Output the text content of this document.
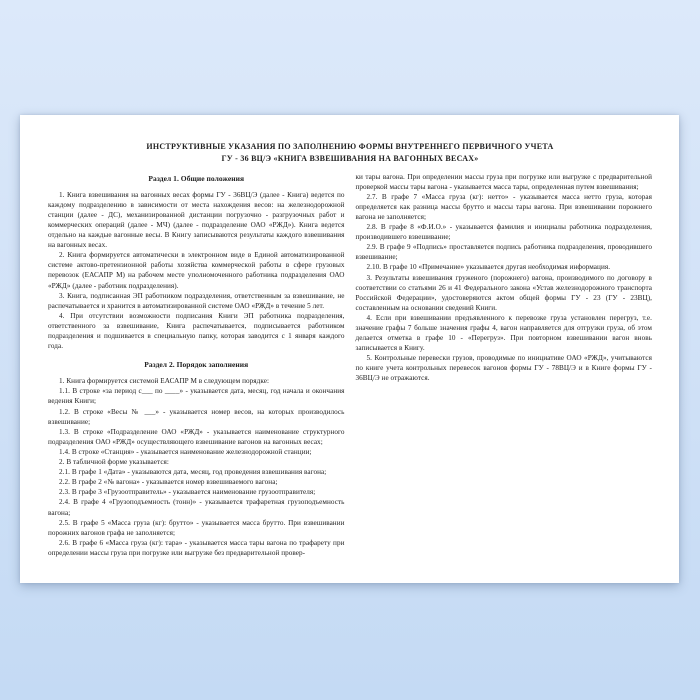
ИНСТРУКТИВНЫЕ УКАЗАНИЯ ПО ЗАПОЛНЕНИЮ ФОРМЫ ВНУТРЕННЕГО ПЕРВИЧНОГО УЧЕТА
ГУ - 36 ВЦ/Э «КНИГА ВЗВЕШИВАНИЯ НА ВАГОННЫХ ВЕСАХ»

Раздел 1. Общие положения

1. Книга взвешивания на вагонных весах формы ГУ - 36ВЦ/Э (далее - Книга) ведется по каждому подразделению в зависимости от места нахождения весов: на железнодорожной станции (далее - ДС), механизированной дистанции погрузочно - разгрузочных работ и коммерческих операций (далее - МЧ) (далее - подразделение ОАО «РЖД»). Книга ведется отдельно на каждые вагонные весы. В Книгу записываются результаты каждого взвешивания на вагонных весах.

2. Книга формируется автоматически в электронном виде в Единой автоматизированной системе актово-претензионной работы хозяйства коммерческой работы в сфере грузовых перевозок (ЕАСАПР М) на рабочем месте уполномоченного работника подразделения ОАО «РЖД» (далее - работник подразделения).

3. Книга, подписанная ЭП работником подразделения, ответственным за взвешивание, не распечатывается и хранится в автоматизированной системе ОАО «РЖД» в течение 5 лет.

4. При отсутствии возможности подписания Книги ЭП работника подразделения, ответственного за взвешивание, Книга распечатывается, подписывается работником подразделения и подшивается в специальную папку, которая заводится с 1 января каждого года.

Раздел 2. Порядок заполнения

1. Книга формируется системой ЕАСАПР М в следующем порядке:

1.1. В строке «за период с___ по ____» - указывается дата, месяц, год начала и окончания ведения Книги;

1.2. В строке «Весы № ___» - указывается номер весов, на которых производилось взвешивание;

1.3. В строке «Подразделение ОАО «РЖД» - указывается наименование структурного подразделения ОАО «РЖД» осуществляющего взвешивание вагонов на вагонных весах;

1.4. В строке «Станция» - указывается наименование железнодорожной станции;

2. В табличной форме указывается:

2.1. В графе 1 «Дата» - указываются дата, месяц, год проведения взвешивания вагона;

2.2. В графе 2 «№ вагона» - указывается номер взвешиваемого вагона;

2.3. В графе 3 «Грузоотправитель» - указывается наименование грузоотправителя;

2.4. В графе 4 «Грузоподъемность (тонн)» - указывается трафаретная грузоподъемность вагона;

2.5. В графе 5 «Масса груза (кг): брутто» - указывается масса брутто. При взвешивании порожних вагонов графа не заполняется;

2.6. В графе 6 «Масса груза (кг): тара» - указывается масса тары вагона по трафарету при определении массы груза при погрузке или выгрузке без предварительной провер-

ки тары вагона. При определении массы груза при погрузке или выгрузке с предварительной проверкой массы тары вагона - указывается масса тары, определенная путем взвешивания;

2.7. В графе 7 «Масса груза (кг): нетто» - указывается масса нетто груза, которая определяется как разница массы брутто и массы тары вагона. При взвешивании порожнего вагона не заполняется;

2.8. В графе 8 «Ф.И.О.» - указывается фамилия и инициалы работника подразделения, производившего взвешивание;

2.9. В графе 9 «Подпись» проставляется подпись работника подразделения, проводившего взвешивание;

2.10. В графе 10 «Примечание» указывается другая необходимая информация.

3. Результаты взвешивания груженого (порожнего) вагона, производимого по договору в соответствии со статьями 26 и 41 Федерального закона «Устав железнодорожного транспорта Российской Федерации», удостоверяются актом общей формы ГУ - 23 (ГУ - 23ВЦ), составленным на основании сведений Книги.

4. Если при взвешивании предъявленного к перевозке груза установлен перегруз, т.е. значение графы 7 больше значения графы 4, вагон направляется для отгрузки груза, об этом делается отметка в графе 10 - «Перегруз». При повторном взвешивании вагон вновь записывается в Книгу.

5. Контрольные перевески грузов, проводимые по инициативе ОАО «РЖД», учитываются по книге учета контрольных перевесок вагонов формы ГУ - 78ВЦ/Э и в Книге формы ГУ - 36ВЦ/Э не отражаются.
